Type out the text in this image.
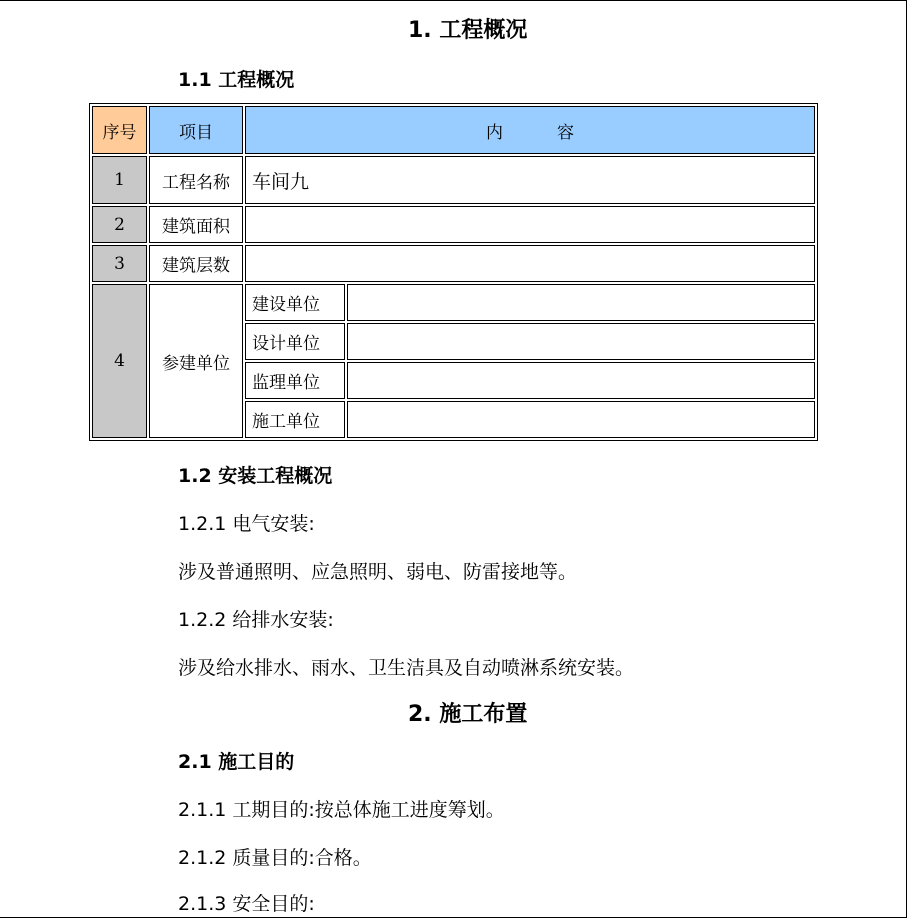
1. 工程概况
1.1 工程概况
序号	项目	内          容	
1	工程名称	车间九	
2	建筑面积		
3	建筑层数		
4	参建单位	建设单位	
		设计单位	
		监理单位	
		施工单位	
1.2 安装工程概况
1.2.1 电气安装:
涉及普通照明、应急照明、弱电、防雷接地等。
1.2.2 给排水安装:
涉及给水排水、雨水、卫生洁具及自动喷淋系统安装。
2. 施工布置
2.1 施工目的
2.1.1 工期目的:按总体施工进度筹划。
2.1.2 质量目的:合格。
2.1.3 安全目的:
